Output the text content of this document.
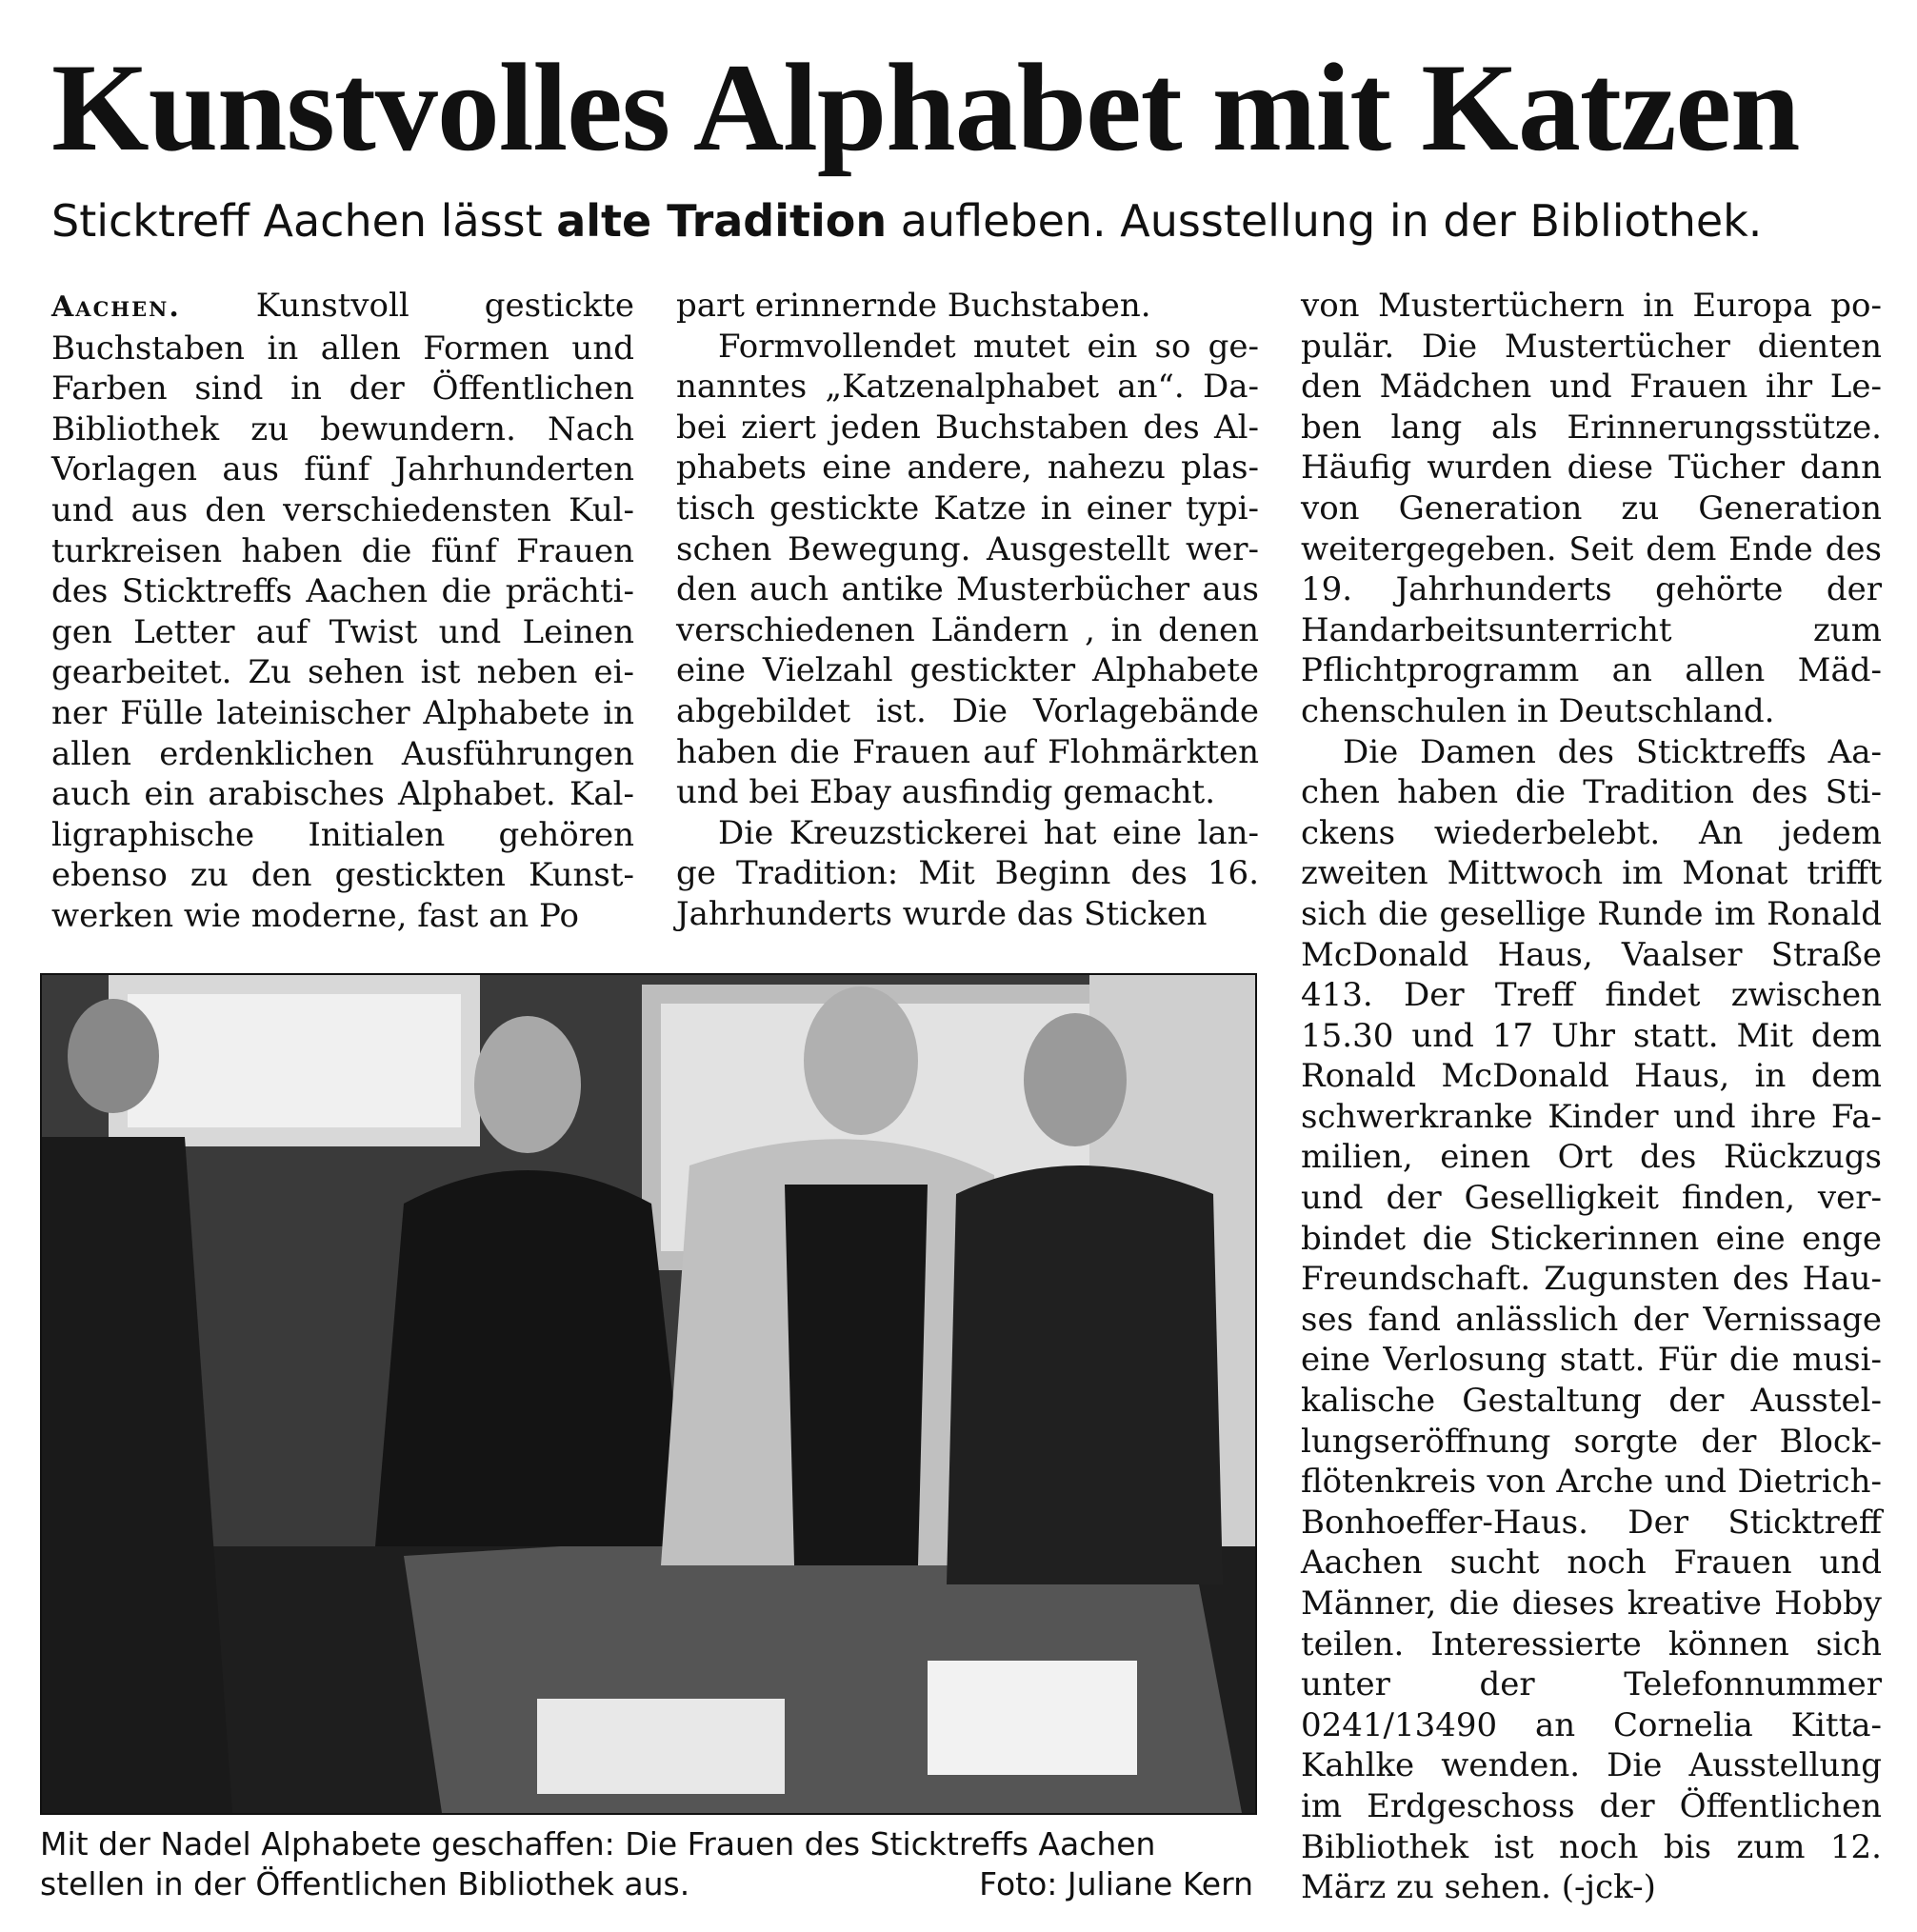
Kunstvolles Alphabet mit Katzen
Sticktreff Aachen lässt alte Tradition aufleben. Ausstellung in der Bibliothek.

Aachen. Kunstvoll gestickte Buchstaben in allen Formen und Farben sind in der Öffentlichen Bibliothek zu bewundern. Nach Vorlagen aus fünf Jahrhunderten und aus den verschiedensten Kulturkreisen haben die fünf Frauen des Sticktreffs Aachen die prächtigen Letter auf Twist und Leinen gearbeitet. Zu sehen ist neben einer Fülle lateinischer Alphabete in allen erdenklichen Ausführungen auch ein arabisches Alphabet. Kalligraphische Initialen gehören ebenso zu den gestickten Kunstwerken wie moderne, fast an Po

part erinnernde Buchstaben.

Formvollendet mutet ein so genanntes „Katzenalphabet an“. Dabei ziert jeden Buchstaben des Alphabets eine andere, nahezu plastisch gestickte Katze in einer typischen Bewegung. Ausgestellt werden auch antike Musterbücher aus verschiedenen Ländern , in denen eine Vielzahl gestickter Alphabete abgebildet ist. Die Vorlagebände haben die Frauen auf Flohmärkten und bei Ebay ausfindig gemacht.

Die Kreuzstickerei hat eine lange Tradition: Mit Beginn des 16. Jahrhunderts wurde das Sticken

von Mustertüchern in Europa populär. Die Mustertücher dienten den Mädchen und Frauen ihr Leben lang als Erinnerungsstütze. Häufig wurden diese Tücher dann von Generation zu Generation weitergegeben. Seit dem Ende des 19. Jahrhunderts gehörte der Handarbeitsunterricht zum Pflichtprogramm an allen Mädchenschulen in Deutschland.

Die Damen des Sticktreffs Aachen haben die Tradition des Stickens wiederbelebt. An jedem zweiten Mittwoch im Monat trifft sich die gesellige Runde im Ronald McDonald Haus, Vaalser Straße 413. Der Treff findet zwischen 15.30 und 17 Uhr statt. Mit dem Ronald McDonald Haus, in dem schwerkranke Kinder und ihre Familien, einen Ort des Rückzugs und der Geselligkeit finden, verbindet die Stickerinnen eine enge Freundschaft. Zugunsten des Hauses fand anlässlich der Vernissage eine Verlosung statt. Für die musikalische Gestaltung der Ausstellungseröffnung sorgte der Blockflötenkreis von Arche und Dietrich-Bonhoeffer-Haus. Der Sticktreff Aachen sucht noch Frauen und Männer, die dieses kreative Hobby teilen. Interessierte können sich unter der Telefonnummer 0241/13490 an Cornelia Kitta-Kahlke wenden. Die Ausstellung im Erdgeschoss der Öffentlichen Bibliothek ist noch bis zum 12. März zu sehen. (-jck-)

Mit der Nadel Alphabete geschaffen: Die Frauen des Sticktreffs Aachen
stellen in der Öffentlichen Bibliothek aus.	Foto: Juliane Kern
